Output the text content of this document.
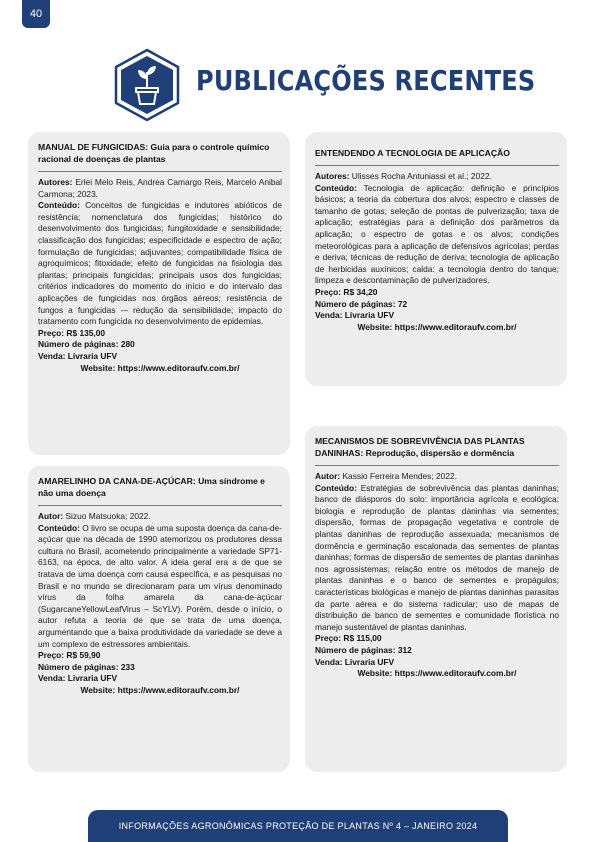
40
PUBLICAÇÕES RECENTES
MANUAL DE FUNGICIDAS: Guia para o controle químico racional de doenças de plantas
Autores: Erlei Melo Reis, Andrea Camargo Reis, Marcelo Anibal Carmona; 2023.
Conteúdo: Conceitos de fungicidas e indutores abióticos de resistência; nomenclatura dos fungicidas; histórico do desenvolvimento dos fungicidas; fungitoxidade e sensibilidade; classificação dos fungicidas; especificidade e espectro de ação; formulação de fungicidas; adjuvantes; compatibilidade física de agroquímicos; fitoxidade; efeito de fungicidas na fisiologia das plantas; principais fungicidas; principais usos dos fungicidas; critérios indicadores do momento do início e do intervalo das aplicações de fungicidas nos órgãos aéreos; resistência de fungos a fungicidas -– redução da sensibilidade; impacto do tratamento com fungicida no desenvolvimento de epidemias.
Preço: R$ 135,00
Número de páginas: 280
Venda: Livraria UFV
Website: https://www.editoraufv.com.br/
AMARELINHO DA CANA-DE-AÇÚCAR: Uma síndrome e não uma doença
Autor: Sizuo Matsuoka; 2022.
Conteúdo: O livro se ocupa de uma suposta doença da cana-de-açúcar que na década de 1990 atemorizou os produtores dessa cultura no Brasil, acometendo principalmente a variedade SP71-6163, na época, de alto valor. A ideia geral era a de que se tratava de uma doença com causa específica, e as pesquisas no Brasil e no mundo se direcionaram para um vírus denominado vírus da folha amarela da cana-de-açúcar (SugarcaneYellowLeafVirus – ScYLV). Porém, desde o início, o autor refuta a teoria de que se trata de uma doença, argumentando que a baixa produtividade da variedade se deve a um complexo de estressores ambientais.
Preço: R$ 59,90
Número de páginas: 233
Venda: Livraria UFV
Website: https://www.editoraufv.com.br/
ENTENDENDO A TECNOLOGIA DE APLICAÇÃO
Autores: Ulisses Rocha Antuniassi et al.; 2022.
Conteúdo: Tecnologia de aplicação: definição e princípios básicos; a teoria da cobertura dos alvos; espectro e classes de tamanho de gotas; seleção de pontas de pulverização; taxa de aplicação; estratégias para a definição dos parâmetros da aplicação; o espectro de gotas e os alvos; condições meteorológicas para a aplicação de defensivos agrícolas; perdas e deriva; técnicas de redução de deriva; tecnologia de aplicação de herbicidas auxínicos; calda: a tecnologia dentro do tanque; limpeza e descontaminação de pulverizadores.
Preço: R$ 34,20
Número de páginas: 72
Venda: Livraria UFV
Website: https://www.editoraufv.com.br/
MECANISMOS DE SOBREVIVÊNCIA DAS PLANTAS DANINHAS: Reprodução, dispersão e dormência
Autor: Kassio Ferreira Mendes; 2022.
Conteúdo: Estratégias de sobrevivência das plantas daninhas; banco de diásporos do solo: importância agrícola e ecológica; biologia e reprodução de plantas daninhas via sementes; dispersão, formas de propagação vegetativa e controle de plantas daninhas de reprodução assexuada; mecanismos de dormência e germinação escalonada das sementes de plantas daninhas; formas de dispersão de sementes de plantas daninhas nos agrossistemas; relação entre os métodos de manejo de plantas daninhas e o banco de sementes e propágulos; características biológicas e manejo de plantas daninhas parasitas da parte aérea e do sistema radicular; uso de mapas de distribuição de banco de sementes e comunidade florística no manejo sustentável de plantas daninhas.
Preço: R$ 115,00
Número de páginas: 312
Venda: Livraria UFV
Website: https://www.editoraufv.com.br/
INFORMAÇÕES AGRONÔMICAS PROTEÇÃO DE PLANTAS Nº 4 – JANEIRO 2024
